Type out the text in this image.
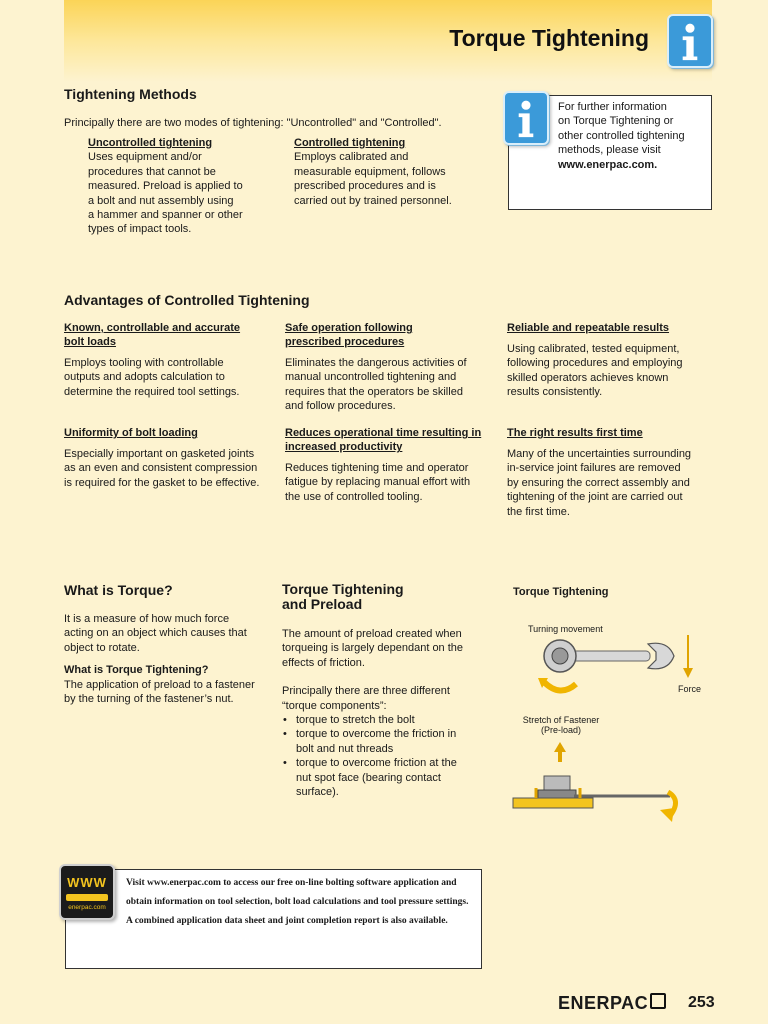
Torque Tightening
Tightening Methods
Principally there are two modes of tightening: "Uncontrolled" and "Controlled".
Uncontrolled tightening
Uses equipment and/or
procedures that cannot be
measured. Preload is applied to
a bolt and nut assembly using
a hammer and spanner or other
types of impact tools.
Controlled tightening
Employs calibrated and
measurable equipment, follows
prescribed procedures and is
carried out by trained personnel.
For further information
on Torque Tightening or
other controlled tightening
methods, please visit
www.enerpac.com.
Advantages of Controlled Tightening
Known, controllable and accurate
bolt loads
Employs tooling with controllable
outputs and adopts calculation to
determine the required tool settings.
Safe operation following
prescribed procedures
Eliminates the dangerous activities of
manual uncontrolled tightening and
requires that the operators be skilled
and follow procedures.
Reliable and repeatable results
Using calibrated, tested equipment,
following procedures and employing
skilled operators achieves known
results consistently.
Uniformity of bolt loading
Especially important on gasketed joints
as an even and consistent compression
is required for the gasket to be effective.
Reduces operational time resulting in
increased productivity
Reduces tightening time and operator
fatigue by replacing manual effort with
the use of controlled tooling.
The right results first time
Many of the uncertainties surrounding
in-service joint failures are removed
by ensuring the correct assembly and
tightening of the joint are carried out
the first time.
What is Torque?
It is a measure of how much force
acting on an object which causes that
object to rotate.
What is Torque Tightening?
The application of preload to a fastener
by the turning of the fastener’s nut.
Torque Tightening
and Preload
The amount of preload created when
torqueing is largely dependant on the
effects of friction.
Principally there are three different
“torque components”:
• torque to stretch the bolt
• torque to overcome the friction in
bolt and nut threads
• torque to overcome friction at the
nut spot face (bearing contact
surface).
Torque Tightening
Turning movement
Force
Stretch of Fastener
(Pre-load)
Visit www.enerpac.com to access our free on-line bolting software application and
obtain information on tool selection, bolt load calculations and tool pressure settings.
A combined application data sheet and joint completion report is also available.
WWW
enerpac.com
ENERPAC	253
